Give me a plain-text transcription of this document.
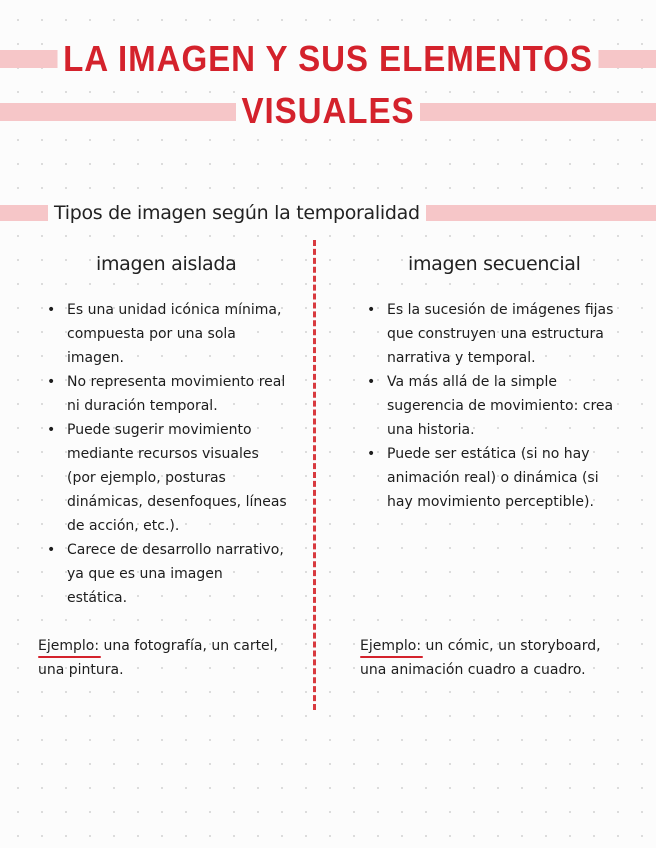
LA IMAGEN Y SUS ELEMENTOS
VISUALES
Tipos de imagen según la temporalidad
imagen aislada	imagen secuencial
• Es una unidad icónica mínima, compuesta por una sola imagen.
• No representa movimiento real ni duración temporal.
• Puede sugerir movimiento mediante recursos visuales (por ejemplo, posturas dinámicas, desenfoques, líneas de acción, etc.).
• Carece de desarrollo narrativo, ya que es una imagen estática.
• Es la sucesión de imágenes fijas que construyen una estructura narrativa y temporal.
• Va más allá de la simple sugerencia de movimiento: crea una historia.
• Puede ser estática (si no hay animación real) o dinámica (si hay movimiento perceptible).
Ejemplo: una fotografía, un cartel, una pintura.
Ejemplo: un cómic, un storyboard, una animación cuadro a cuadro.
